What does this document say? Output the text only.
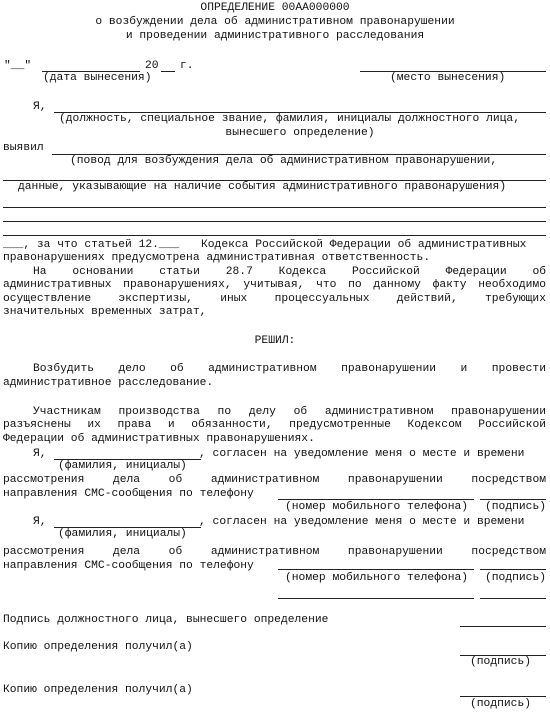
ОПРЕДЕЛЕНИЕ 00АА000000
о возбуждении дела об административном правонарушении
и проведении административного расследования
"__"	20 г.
(дата вынесения)	(место вынесения)
Я,
(должность, специальное звание, фамилия, инициалы должностного лица,
вынесшего определение)
выявил
(повод для возбуждения дела об административном правонарушении,
данные, указывающие на наличие события административного правонарушения)
___, за что статьей 12.___ Кодекса Российской Федерации об административных
правонарушениях предусмотрена административная ответственность.
На основании статьи 28.7 Кодекса Российской Федерации об
административных правонарушениях, учитывая, что по данному факту необходимо
осуществление экспертизы, иных процессуальных действий, требующих
значительных временных затрат,
РЕШИЛ:
Возбудить дело об административном правонарушении и провести
административное расследование.
Участникам производства по делу об административном правонарушении
разъяснены их права и обязанности, предусмотренные Кодексом Российской
Федерации об административных правонарушениях.
Я,	, согласен на уведомление меня о месте и времени
(фамилия, инициалы)
рассмотрения дела об административном правонарушении посредством
направления СМС-сообщения по телефону
(номер мобильного телефона) (подпись)
Я,	, согласен на уведомление меня о месте и времени
(фамилия, инициалы)
рассмотрения дела об административном правонарушении посредством
направления СМС-сообщения по телефону
(номер мобильного телефона) (подпись)
Подпись должностного лица, вынесшего определение
Копию определения получил(а)
(подпись)
Копию определения получил(а)
(подпись)
